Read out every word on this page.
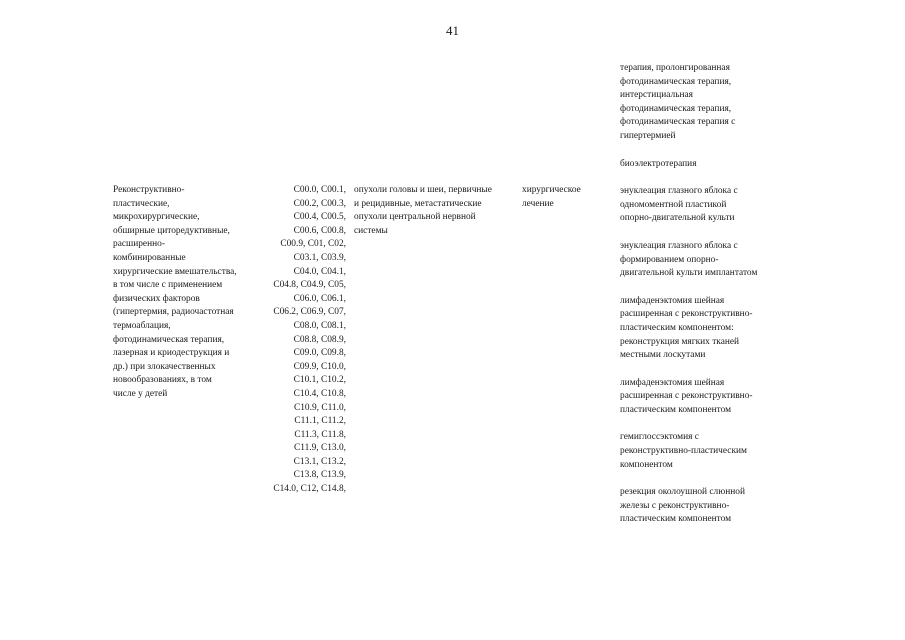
41
терапия, пролонгированная
фотодинамическая терапия,
интерстициальная
фотодинамическая терапия,
фотодинамическая терапия с
гипертермией
биоэлектротерапия
энуклеация глазного яблока с
одномоментной пластикой
опорно-двигательной культи
энуклеация глазного яблока с
формированием опорно-
двигательной культи имплантатом
лимфаденэктомия шейная
расширенная с реконструктивно-
пластическим компонентом:
реконструкция мягких тканей
местными лоскутами
лимфаденэктомия шейная
расширенная с реконструктивно-
пластическим компонентом
гемиглоссэктомия с
реконструктивно-пластическим
компонентом
резекция околоушной слюнной
железы с реконструктивно-
пластическим компонентом
Реконструктивно-
пластические,
микрохирургические,
обширные циторедуктивные,
расширенно-
комбинированные
хирургические вмешательства,
в том числе с применением
физических факторов
(гипертермия, радиочастотная
термоаблация,
фотодинамическая терапия,
лазерная и криодеструкция и
др.) при злокачественных
новообразованиях, в том
числе у детей
C00.0, C00.1,
C00.2, C00.3,
C00.4, C00.5,
C00.6, C00.8,
C00.9, C01, C02,
C03.1, C03.9,
C04.0, C04.1,
C04.8, C04.9, C05,
C06.0, C06.1,
C06.2, C06.9, C07,
C08.0, C08.1,
C08.8, C08.9,
C09.0, C09.8,
C09.9, C10.0,
C10.1, C10.2,
C10.4, C10.8,
C10.9, C11.0,
C11.1, C11.2,
C11.3, C11.8,
C11.9, C13.0,
C13.1, C13.2,
C13.8, C13.9,
C14.0, C12, C14.8,
опухоли головы и шеи, первичные
и рецидивные, метастатические
опухоли центральной нервной
системы
хирургическое
лечение
